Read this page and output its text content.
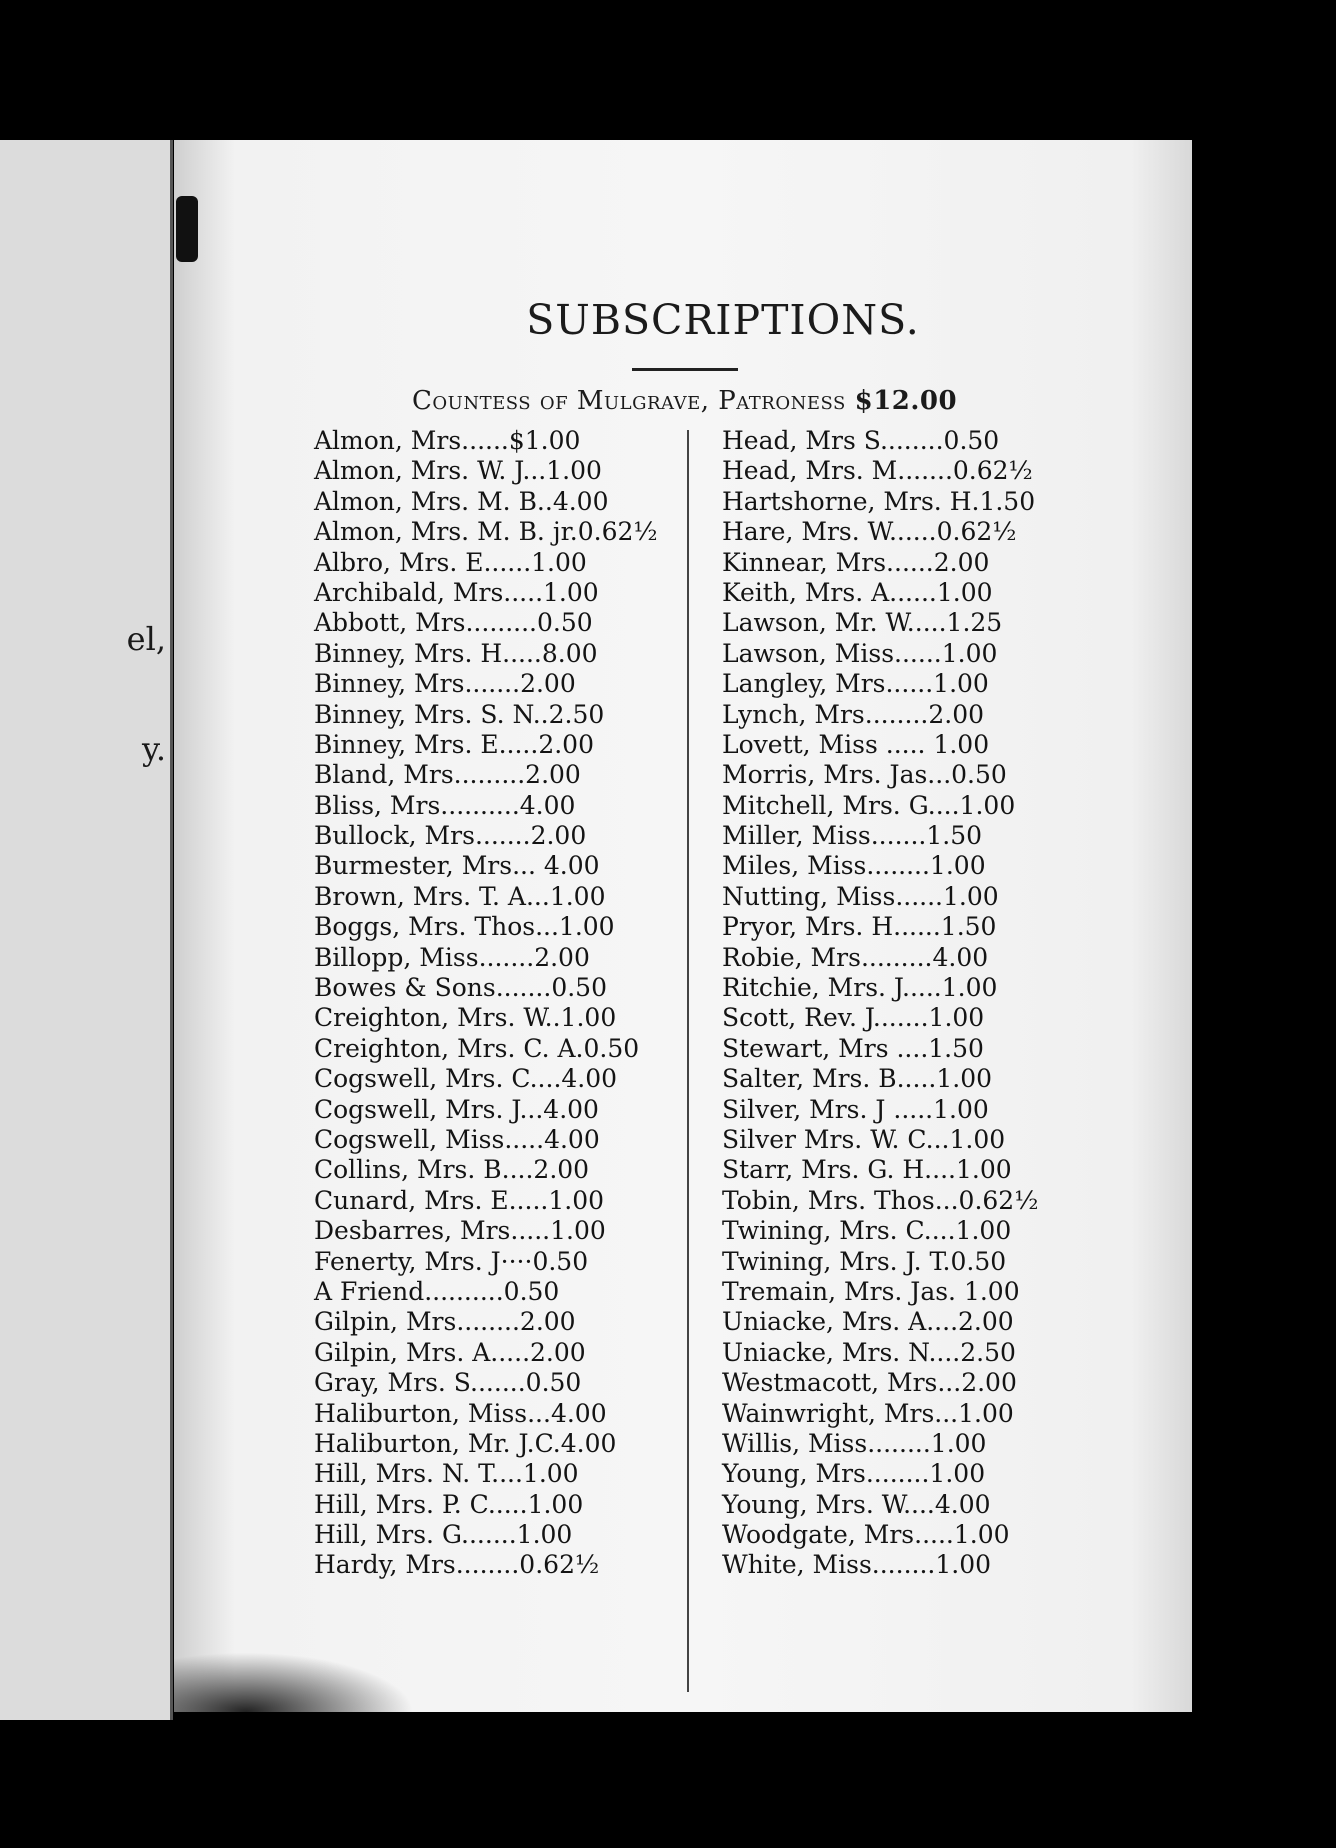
el,
y.
SUBSCRIPTIONS.
Countess of Mulgrave, Patroness $12.00
Almon, Mrs......$1.00
Almon, Mrs. W. J...1.00
Almon, Mrs. M. B..4.00
Almon, Mrs. M. B. jr.0.62½
Albro, Mrs. E......1.00
Archibald, Mrs.....1.00
Abbott, Mrs.........0.50
Binney, Mrs. H.....8.00
Binney, Mrs.......2.00
Binney, Mrs. S. N..2.50
Binney, Mrs. E.....2.00
Bland, Mrs.........2.00
Bliss, Mrs..........4.00
Bullock, Mrs.......2.00
Burmester, Mrs... 4.00
Brown, Mrs. T. A...1.00
Boggs, Mrs. Thos...1.00
Billopp, Miss.......2.00
Bowes & Sons.......0.50
Creighton, Mrs. W..1.00
Creighton, Mrs. C. A.0.50
Cogswell, Mrs. C....4.00
Cogswell, Mrs. J...4.00
Cogswell, Miss.....4.00
Collins, Mrs. B....2.00
Cunard, Mrs. E.....1.00
Desbarres, Mrs.....1.00
Fenerty, Mrs. J····0.50
A Friend..........0.50
Gilpin, Mrs........2.00
Gilpin, Mrs. A.....2.00
Gray, Mrs. S.......0.50
Haliburton, Miss...4.00
Haliburton, Mr. J.C.4.00
Hill, Mrs. N. T....1.00
Hill, Mrs. P. C.....1.00
Hill, Mrs. G.......1.00
Hardy, Mrs........0.62½
Head, Mrs S........0.50
Head, Mrs. M.......0.62½
Hartshorne, Mrs. H.1.50
Hare, Mrs. W......0.62½
Kinnear, Mrs......2.00
Keith, Mrs. A......1.00
Lawson, Mr. W.....1.25
Lawson, Miss......1.00
Langley, Mrs......1.00
Lynch, Mrs........2.00
Lovett, Miss ..... 1.00
Morris, Mrs. Jas...0.50
Mitchell, Mrs. G....1.00
Miller, Miss.......1.50
Miles, Miss........1.00
Nutting, Miss......1.00
Pryor, Mrs. H......1.50
Robie, Mrs.........4.00
Ritchie, Mrs. J.....1.00
Scott, Rev. J.......1.00
Stewart, Mrs ....1.50
Salter, Mrs. B.....1.00
Silver, Mrs. J .....1.00
Silver Mrs. W. C...1.00
Starr, Mrs. G. H....1.00
Tobin, Mrs. Thos...0.62½
Twining, Mrs. C....1.00
Twining, Mrs. J. T.0.50
Tremain, Mrs. Jas. 1.00
Uniacke, Mrs. A....2.00
Uniacke, Mrs. N....2.50
Westmacott, Mrs...2.00
Wainwright, Mrs...1.00
Willis, Miss........1.00
Young, Mrs........1.00
Young, Mrs. W....4.00
Woodgate, Mrs.....1.00
White, Miss........1.00
